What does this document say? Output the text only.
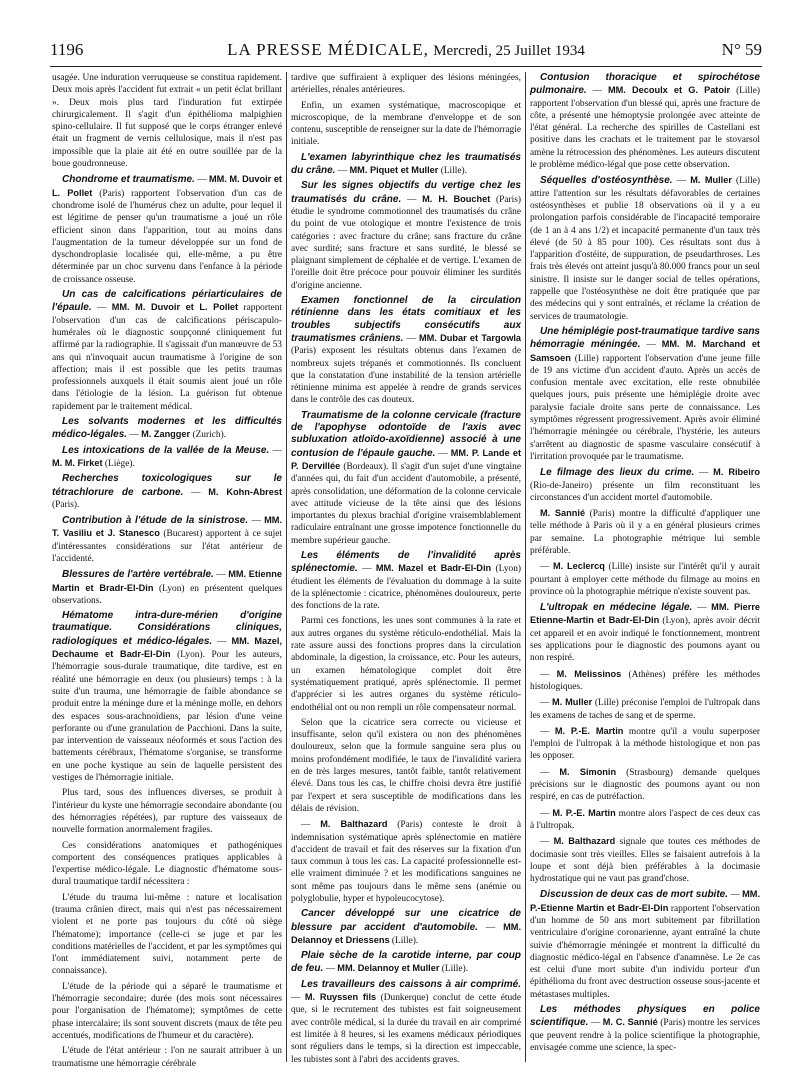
1196	LA PRESSE MÉDICALE, Mercredi, 25 Juillet 1934	N° 59

usagée. Une induration verruqueuse se constitua rapidement. Deux mois après l'accident fut extrait « un petit éclat brillant ». Deux mois plus tard l'induration fut extirpée chirurgicalement. Il s'agit d'un épithélioma malpighien spino-cellulaire. Il fut supposé que le corps étranger enlevé était un fragment de vernis cellulosique, mais il n'est pas impossible que la plaie ait été en outre souillée par de la boue goudronneuse.

Chondrome et traumatisme. — MM. M. Duvoir et L. Pollet (Paris) rapportent l'observation d'un cas de chondrome isolé de l'humérus chez un adulte, pour lequel il est légitime de penser qu'un traumatisme a joué un rôle efficient sinon dans l'apparition, tout au moins dans l'augmentation de la tumeur développée sur un fond de dyschondroplasie localisée qui, elle-même, a pu être déterminée par un choc survenu dans l'enfance à la période de croissance osseuse.

Un cas de calcifications périarticulaires de l'épaule. — MM. M. Duvoir et L. Pollet rapportent l'observation d'un cas de calcifications périscapulo-humérales où le diagnostic soupçonné cliniquement fut affirmé par la radiographie. Il s'agissait d'un manœuvre de 53 ans qui n'invoquait aucun traumatisme à l'origine de son affection; mais il est possible que les petits traumas professionnels auxquels il était soumis aient joué un rôle dans l'étiologie de la lésion. La guérison fut obtenue rapidement par le traitement médical.

Les solvants modernes et les difficultés médico-légales. — M. Zangger (Zurich).

Les intoxications de la vallée de la Meuse. — M. M. Firket (Liège).

Recherches toxicologiques sur le tétrachlorure de carbone. — M. Kohn-Abrest (Paris).

Contribution à l'étude de la sinistrose. — MM. T. Vasiliu et J. Stanesco (Bucarest) apportent à ce sujet d'intéressantes considérations sur l'état antérieur de l'accidenté.

Blessures de l'artère vertébrale. — MM. Etienne Martin et Bradr-El-Din (Lyon) en présentent quelques observations.

Hématome intra-dure-mérien d'origine traumatique. Considérations cliniques, radiologiques et médico-légales. — MM. Mazel, Dechaume et Badr-El-Din (Lyon). Pour les auteurs, l'hémorragie sous-durale traumatique, dite tardive, est en réalité une hémorragie en deux (ou plusieurs) temps : à la suite d'un trauma, une hémorragie de faible abondance se produit entre la méninge dure et la méninge molle, en dehors des espaces sous-arachnoïdiens, par lésion d'une veine perforante ou d'une granulation de Pacchioni. Dans la suite, par intervention de vaisseaux néoformés et sous l'action des battements cérébraux, l'hématome s'organise, se transforme en une poche kystique au sein de laquelle persistent des vestiges de l'hémorragie initiale.

Plus tard, sous des influences diverses, se produit à l'intérieur du kyste une hémorragie secondaire abondante (ou des hémorragies répétées), par rupture des vaisseaux de nouvelle formation anormalement fragiles.

Ces considérations anatomiques et pathogéniques comportent des conséquences pratiques applicables à l'expertise médico-légale. Le diagnostic d'hématome sous-dural traumatique tardif nécessitera :

L'étude du trauma lui-même : nature et localisation (trauma crânien direct, mais qui n'est pas nécessairement violent et ne porte pas toujours du côté où siège l'hématome); importance (celle-ci se juge et par les conditions matérielles de l'accident, et par les symptômes qui l'ont immédiatement suivi, notamment perte de connaissance).

L'étude de la période qui a séparé le traumatisme et l'hémorragie secondaire; durée (des mois sont nécessaires pour l'organisation de l'hématome); symptômes de cette phase intercalaire; ils sont souvent discrets (maux de tête peu accentués, modifications de l'humeur et du caractère).

L'étude de l'état antérieur : l'on ne saurait attribuer à un traumatisme une hémorragie cérébrale

tardive que suffiraient à expliquer des lésions méningées, artérielles, rénales antérieures.

Enfin, un examen systématique, macroscopique et microscopique, de la membrane d'enveloppe et de son contenu, susceptible de renseigner sur la date de l'hémorragie initiale.

L'examen labyrinthique chez les traumatisés du crâne. — MM. Piquet et Muller (Lille).

Sur les signes objectifs du vertige chez les traumatisés du crâne. — M. H. Bouchet (Paris) étudie le syndrome commotionnel des traumatisés du crâne du point de vue otologique et montre l'existence de trois catégories : avec fracture du crâne; sans fracture du crâne avec surdité; sans fracture et sans surdité, le blessé se plaignant simplement de céphalée et de vertige. L'examen de l'oreille doit être précoce pour pouvoir éliminer les surdités d'origine ancienne.

Examen fonctionnel de la circulation rétinienne dans les états comitiaux et les troubles subjectifs consécutifs aux traumatismes crâniens. — MM. Dubar et Targowla (Paris) exposent les résultats obtenus dans l'examen de nombreux sujets trépanés et commotionnés. Ils concluent que la constatation d'une instabilité de la tension artérielle rétinienne minima est appelée à rendre de grands services dans le contrôle des cas douteux.

Traumatisme de la colonne cervicale (fracture de l'apophyse odontoïde de l'axis avec subluxation atloïdo-axoïdienne) associé à une contusion de l'épaule gauche. — MM. P. Lande et P. Dervillée (Bordeaux). Il s'agit d'un sujet d'une vingtaine d'années qui, du fait d'un accident d'automobile, a présenté, après consolidation, une déformation de la colonne cervicale avec attitude vicieuse de la tête ainsi que des lésions importantes du plexus brachial d'origine vraisemblablement radiculaire entraînant une grosse impotence fonctionnelle du membre supérieur gauche.

Les éléments de l'invalidité après splénectomie. — MM. Mazel et Badr-El-Din (Lyon) étudient les éléments de l'évaluation du dommage à la suite de la splénectomie : cicatrice, phénomènes douloureux, perte des fonctions de la rate.

Parmi ces fonctions, les unes sont communes à la rate et aux autres organes du système réticulo-endothélial. Mais la rate assure aussi des fonctions propres dans la circulation abdominale, la digestion, la croissance, etc. Pour les auteurs, un examen hématologique complet doit être systématiquement pratiqué, après splénectomie. Il permet d'apprécier si les autres organes du système réticulo-endothélial ont ou non rempli un rôle compensateur normal.

Selon que la cicatrice sera correcte ou vicieuse et insuffisante, selon qu'il existera ou non des phénomènes douloureux, selon que la formule sanguine sera plus ou moins profondément modifiée, le taux de l'invalidité variera en de très larges mesures, tantôt faible, tantôt relativement élevé. Dans tous les cas, le chiffre choisi devra être justifié par l'expert et sera susceptible de modifications dans les délais de révision.

— M. Balthazard (Paris) conteste le droit à indemnisation systématique après splénectomie en matière d'accident de travail et fait des réserves sur la fixation d'un taux commun à tous les cas. La capacité professionnelle est-elle vraiment diminuée ? et les modifications sanguines ne sont même pas toujours dans le même sens (anémie ou polyglobulie, hyper et hypoleucocytose).

Cancer développé sur une cicatrice de blessure par accident d'automobile. — MM. Delannoy et Driessens (Lille).

Plaie sèche de la carotide interne, par coup de feu. — MM. Delannoy et Muller (Lille).

Les travailleurs des caissons à air comprimé. — M. Ruyssen fils (Dunkerque) conclut de cette étude que, si le recrutement des tubistes est fait soigneusement avec contrôle médical, si la durée du travail en air comprimé est limitée à 8 heures, si les examens médicaux périodiques sont réguliers dans le temps, si la direction est impeccable, les tubistes sont à l'abri des accidents graves.

Contusion thoracique et spirochétose pulmonaire. — MM. Decoulx et G. Patoir (Lille) rapportent l'observation d'un blessé qui, après une fracture de côte, a présenté une hémoptysie prolongée avec atteinte de l'état général. La recherche des spirilles de Castellani est positive dans les crachats et le traitement par le stovarsol amène la rétrocession des phénomènes. Les auteurs discutent le problème médico-légal que pose cette observation.

Séquelles d'ostéosynthèse. — M. Muller (Lille) attire l'attention sur les résultats défavorables de certaines ostéosynthèses et publie 18 observations où il y a eu prolongation parfois considérable de l'incapacité temporaire (de 1 an à 4 ans 1/2) et incapacité permanente d'un taux très élevé (de 50 à 85 pour 100). Ces résultats sont dus à l'apparition d'ostéite, de suppuration, de pseudarthroses. Les frais très élevés ont atteint jusqu'à 80.000 francs pour un seul sinistre. Il insiste sur le danger social de telles opérations, rappelle que l'ostéosynthèse ne doit être pratiquée que par des médecins qui y sont entraînés, et réclame la création de services de traumatologie.

Une hémiplégie post-traumatique tardive sans hémorragie méningée. — MM. M. Marchand et Samsoen (Lille) rapportent l'observation d'une jeune fille de 19 ans victime d'un accident d'auto. Après un accès de confusion mentale avec excitation, elle reste obnubilée quelques jours, puis présente une hémiplégie droite avec paralysie faciale droite sans perte de connaissance. Les symptômes régressent progressivement. Après avoir éliminé l'hémorragie méningée ou cérébrale, l'hystérie, les auteurs s'arrêtent au diagnostic de spasme vasculaire consécutif à l'irritation provoquée par le traumatisme.

Le filmage des lieux du crime. — M. Ribeiro (Rio-de-Janeiro) présente un film reconstituant les circonstances d'un accident mortel d'automobile.

M. Sannié (Paris) montre la difficulté d'appliquer une telle méthode à Paris où il y a en général plusieurs crimes par semaine. La photographie métrique lui semble préférable.

— M. Leclercq (Lille) insiste sur l'intérêt qu'il y aurait pourtant à employer cette méthode du filmage au moins en province où la photographie métrique n'existe souvent pas.

L'ultropak en médecine légale. — MM. Pierre Etienne-Martin et Badr-El-Din (Lyon), après avoir décrit cet appareil et en avoir indiqué le fonctionnement, montrent ses applications pour le diagnostic des poumons ayant ou non respiré.

— M. Melissinos (Athènes) préfère les méthodes histologiques.

— M. Muller (Lille) préconise l'emploi de l'ultropak dans les examens de taches de sang et de sperme.

— M. P.-E. Martin montre qu'il a voulu superposer l'emploi de l'ultropak à la méthode histologique et non pas les opposer.

— M. Simonin (Strasbourg) demande quelques précisions sur le diagnostic des poumons ayant ou non respiré, en cas de putréfaction.

— M. P.-E. Martin montre alors l'aspect de ces deux cas à l'ultropak.

— M. Balthazard signale que toutes ces méthodes de docimasie sont très vieilles. Elles se faisaient autrefois à la loupe et sont déjà bien préférables à la docimasie hydrostatique qui ne vaut pas grand'chose.

Discussion de deux cas de mort subite. — MM. P.-Etienne Martin et Badr-El-Din rapportent l'observation d'un homme de 50 ans mort subitement par fibrillation ventriculaire d'origine coronarienne, ayant entraîné la chute suivie d'hémorragie méningée et montrent la difficulté du diagnostic médico-légal en l'absence d'anamnèse. Le 2e cas est celui d'une mort subite d'un individu porteur d'un épithélioma du front avec destruction osseuse sous-jacente et métastases multiples.

Les méthodes physiques en police scientifique. — M. C. Sannié (Paris) montre les services que peuvent rendre à la police scientifique la photographie, envisagée comme une science, la spec-
